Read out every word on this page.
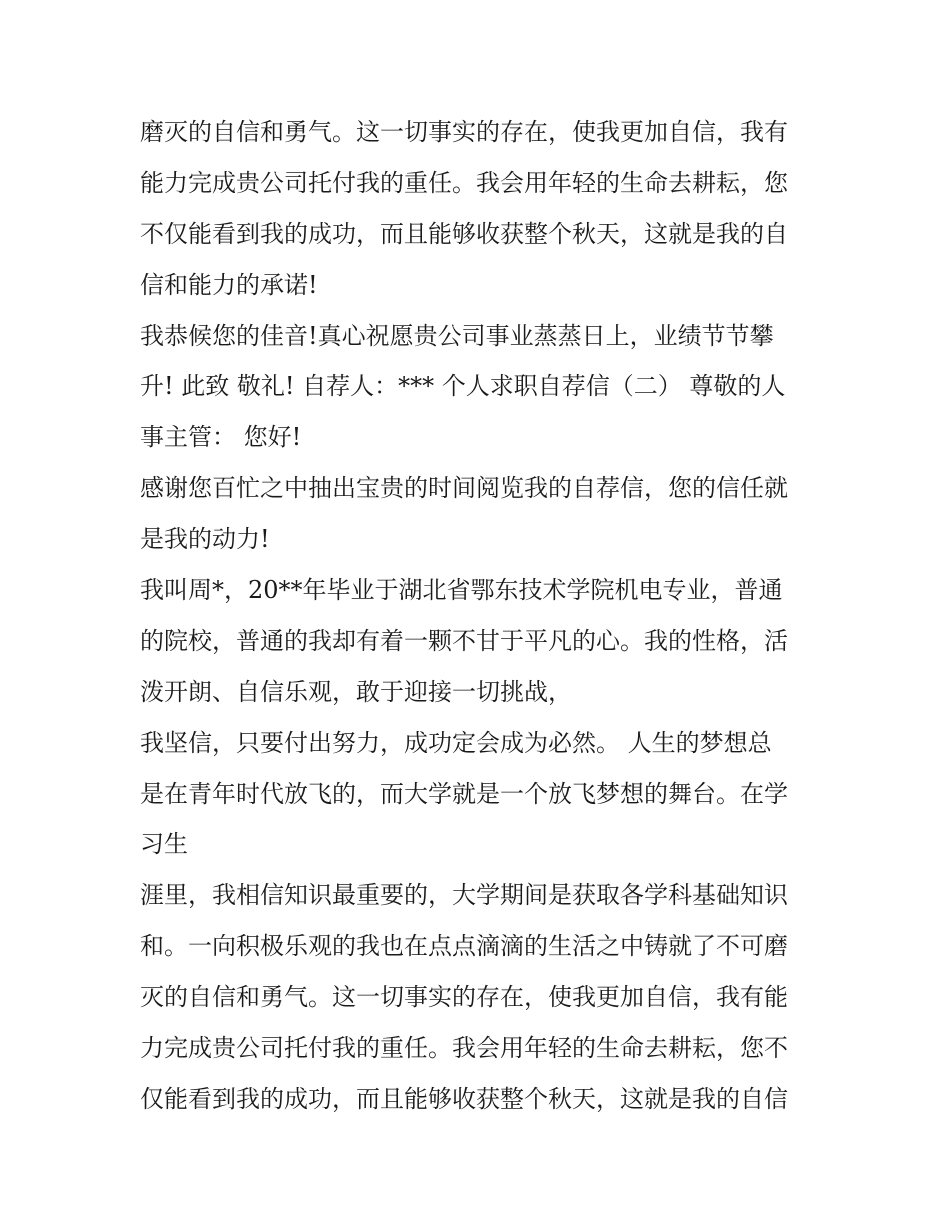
磨灭的自信和勇气。这一切事实的存在，使我更加自信，我有
能力完成贵公司托付我的重任。我会用年轻的生命去耕耘，您
不仅能看到我的成功，而且能够收获整个秋天，这就是我的自
信和能力的承诺!
我恭候您的佳音!真心祝愿贵公司事业蒸蒸日上，业绩节节攀
升! 此致 敬礼! 自荐人：*** 个人求职自荐信（二） 尊敬的人
事主管： 您好!
感谢您百忙之中抽出宝贵的时间阅览我的自荐信，您的信任就
是我的动力!
我叫周*，20**年毕业于湖北省鄂东技术学院机电专业，普通
的院校，普通的我却有着一颗不甘于平凡的心。我的性格，活
泼开朗、自信乐观，敢于迎接一切挑战，
我坚信，只要付出努力，成功定会成为必然。 人生的梦想总
是在青年时代放飞的，而大学就是一个放飞梦想的舞台。在学
习生
涯里，我相信知识最重要的，大学期间是获取各学科基础知识
和。一向积极乐观的我也在点点滴滴的生活之中铸就了不可磨
灭的自信和勇气。这一切事实的存在，使我更加自信，我有能
力完成贵公司托付我的重任。我会用年轻的生命去耕耘，您不
仅能看到我的成功，而且能够收获整个秋天，这就是我的自信
